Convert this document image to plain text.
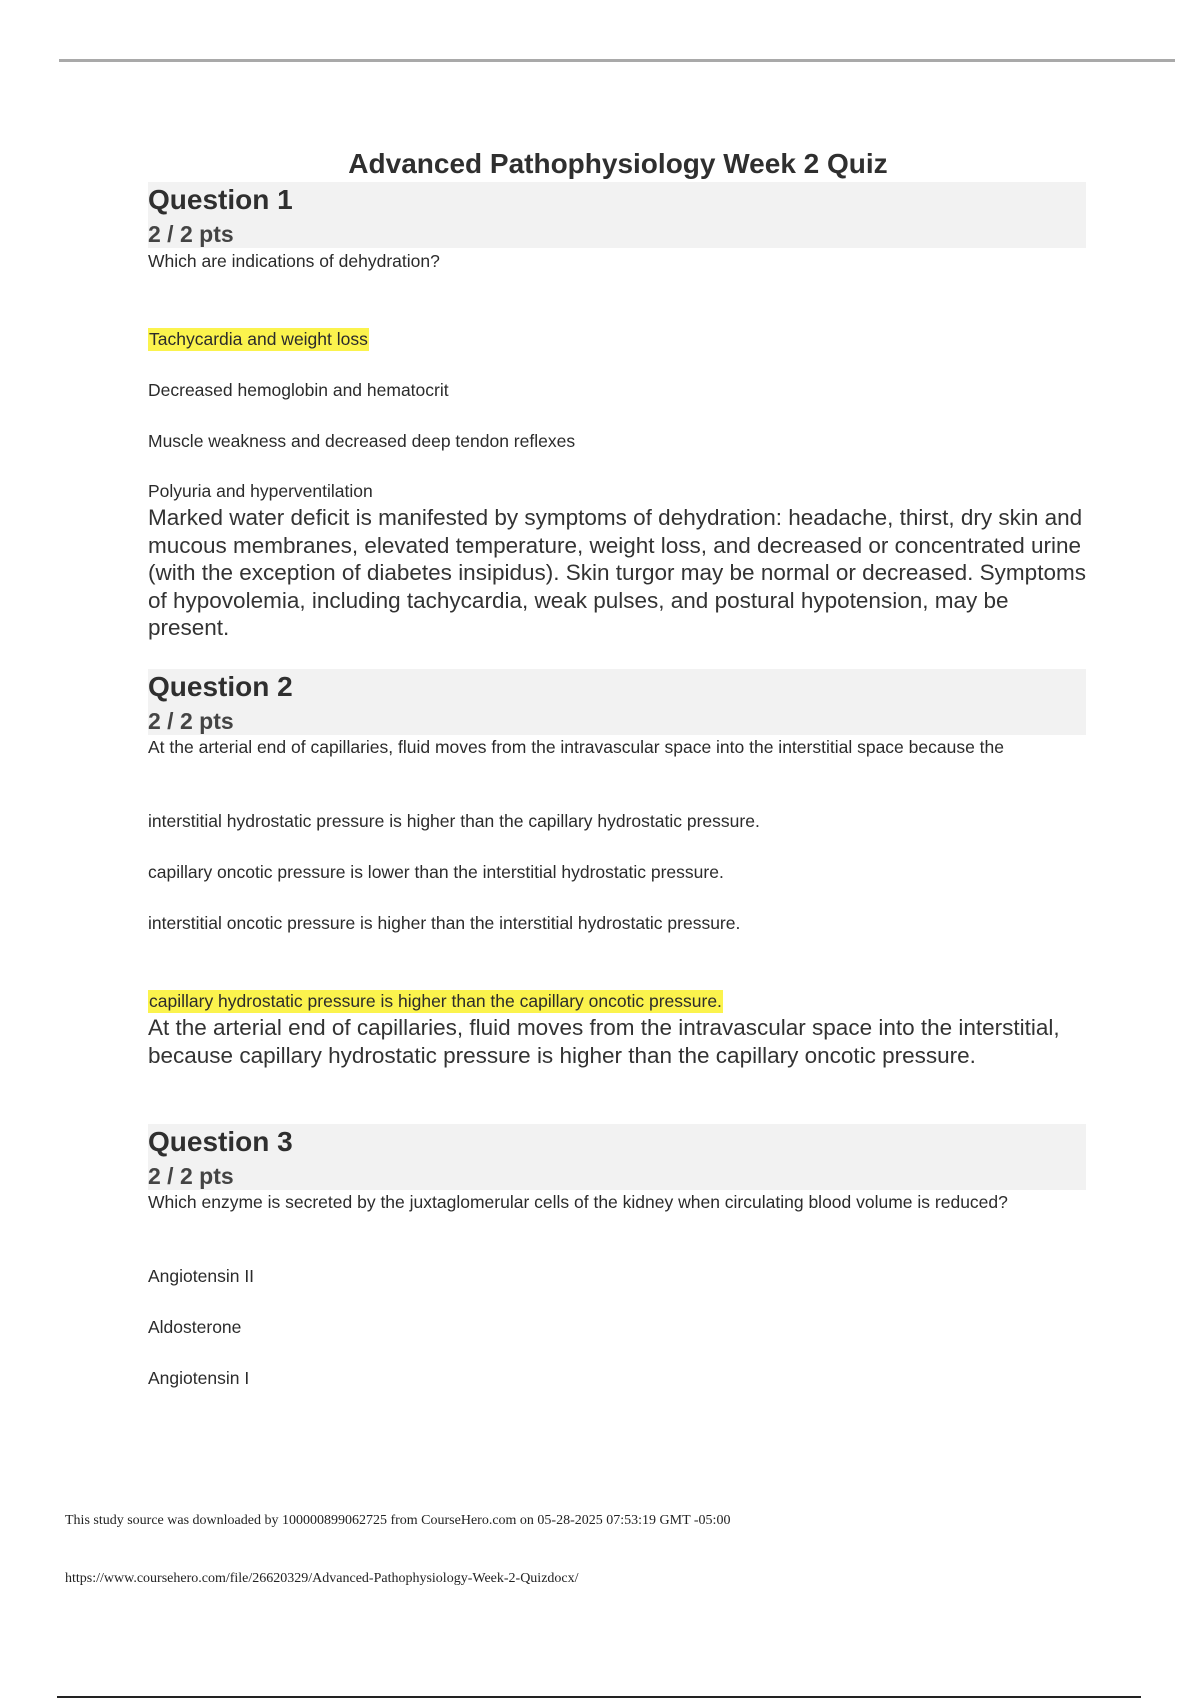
Advanced Pathophysiology Week 2 Quiz
Question 1
2 / 2 pts
Which are indications of dehydration?
Tachycardia and weight loss
Decreased hemoglobin and hematocrit
Muscle weakness and decreased deep tendon reflexes
Polyuria and hyperventilation
Marked water deficit is manifested by symptoms of dehydration: headache, thirst, dry skin and mucous membranes, elevated temperature, weight loss, and decreased or concentrated urine (with the exception of diabetes insipidus). Skin turgor may be normal or decreased. Symptoms of hypovolemia, including tachycardia, weak pulses, and postural hypotension, may be present.
Question 2
2 / 2 pts
At the arterial end of capillaries, fluid moves from the intravascular space into the interstitial space because the
interstitial hydrostatic pressure is higher than the capillary hydrostatic pressure.
capillary oncotic pressure is lower than the interstitial hydrostatic pressure.
interstitial oncotic pressure is higher than the interstitial hydrostatic pressure.
capillary hydrostatic pressure is higher than the capillary oncotic pressure.
At the arterial end of capillaries, fluid moves from the intravascular space into the interstitial, because capillary hydrostatic pressure is higher than the capillary oncotic pressure.
Question 3
2 / 2 pts
Which enzyme is secreted by the juxtaglomerular cells of the kidney when circulating blood volume is reduced?
Angiotensin II
Aldosterone
Angiotensin I
This study source was downloaded by 100000899062725 from CourseHero.com on 05-28-2025 07:53:19 GMT -05:00
https://www.coursehero.com/file/26620329/Advanced-Pathophysiology-Week-2-Quizdocx/
